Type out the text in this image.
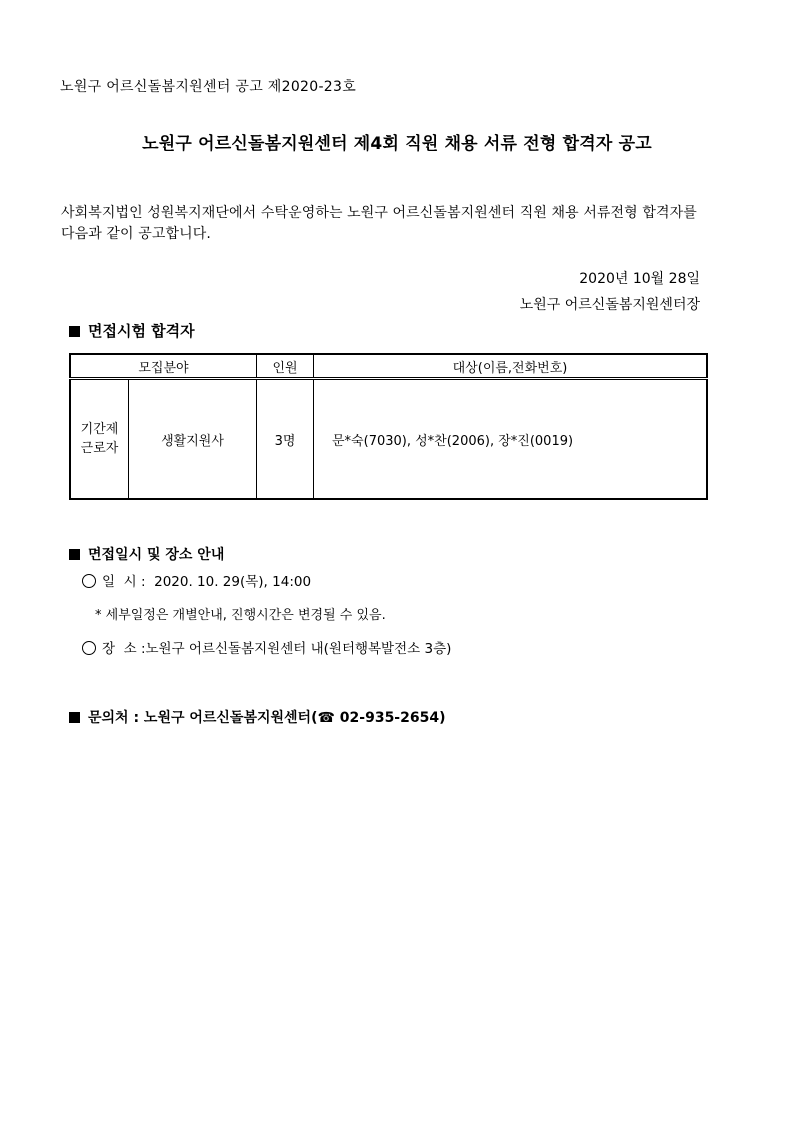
노원구 어르신돌봄지원센터 공고 제2020-23호
노원구 어르신돌봄지원센터 제4회 직원 채용 서류 전형 합격자 공고
사회복지법인 성원복지재단에서 수탁운영하는 노원구 어르신돌봄지원센터 직원 채용 서류전형 합격자를 다음과 같이 공고합니다.
2020년 10월 28일
노원구 어르신돌봄지원센터장
면접시험 합격자
모집분야		인원	대상(이름,전화번호)
기간제
근로자	생활지원사	3명	문*숙(7030), 성*찬(2006), 장*진(0019)
면접일시 및 장소 안내
일  시 : 2020. 10. 29(목), 14:00
* 세부일정은 개별안내, 진행시간은 변경될 수 있음.
장  소 :노원구 어르신돌봄지원센터 내(원터행복발전소 3층)
문의처 : 노원구 어르신돌봄지원센터(☎ 02-935-2654)
